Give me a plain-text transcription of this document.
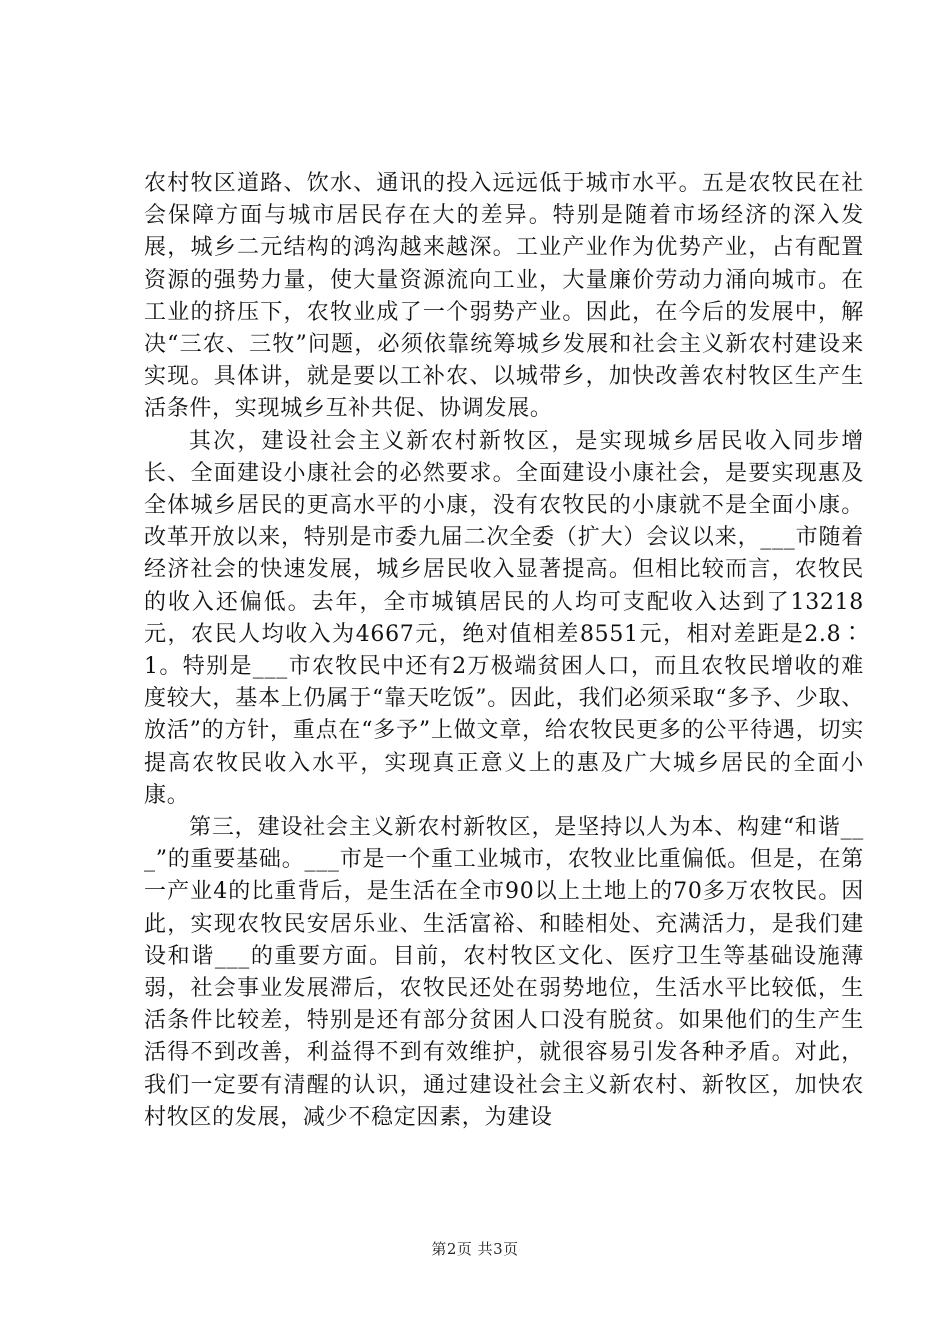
农村牧区道路、饮水、通讯的投入远远低于城市水平。五是农牧民在社会保障方面与城市居民存在大的差异。特别是随着市场经济的深入发展，城乡二元结构的鸿沟越来越深。工业产业作为优势产业，占有配置资源的强势力量，使大量资源流向工业，大量廉价劳动力涌向城市。在工业的挤压下，农牧业成了一个弱势产业。因此，在今后的发展中，解决“三农、三牧”问题，必须依靠统筹城乡发展和社会主义新农村建设来实现。具体讲，就是要以工补农、以城带乡，加快改善农村牧区生产生活条件，实现城乡互补共促、协调发展。

其次，建设社会主义新农村新牧区，是实现城乡居民收入同步增长、全面建设小康社会的必然要求。全面建设小康社会，是要实现惠及全体城乡居民的更高水平的小康，没有农牧民的小康就不是全面小康。改革开放以来，特别是市委九届二次全委（扩大）会议以来，___市随着经济社会的快速发展，城乡居民收入显著提高。但相比较而言，农牧民的收入还偏低。去年，全市城镇居民的人均可支配收入达到了13218元，农民人均收入为4667元，绝对值相差8551元，相对差距是2.8∶1。特别是___市农牧民中还有2万极端贫困人口，而且农牧民增收的难度较大，基本上仍属于“靠天吃饭”。因此，我们必须采取“多予、少取、放活”的方针，重点在“多予”上做文章，给农牧民更多的公平待遇，切实提高农牧民收入水平，实现真正意义上的惠及广大城乡居民的全面小康。

第三，建设社会主义新农村新牧区，是坚持以人为本、构建“和谐___”的重要基础。___市是一个重工业城市，农牧业比重偏低。但是，在第一产业4的比重背后，是生活在全市90以上土地上的70多万农牧民。因此，实现农牧民安居乐业、生活富裕、和睦相处、充满活力，是我们建设和谐___的重要方面。目前，农村牧区文化、医疗卫生等基础设施薄弱，社会事业发展滞后，农牧民还处在弱势地位，生活水平比较低，生活条件比较差，特别是还有部分贫困人口没有脱贫。如果他们的生产生活得不到改善，利益得不到有效维护，就很容易引发各种矛盾。对此，我们一定要有清醒的认识，通过建设社会主义新农村、新牧区，加快农村牧区的发展，减少不稳定因素，为建设

第2页 共3页
